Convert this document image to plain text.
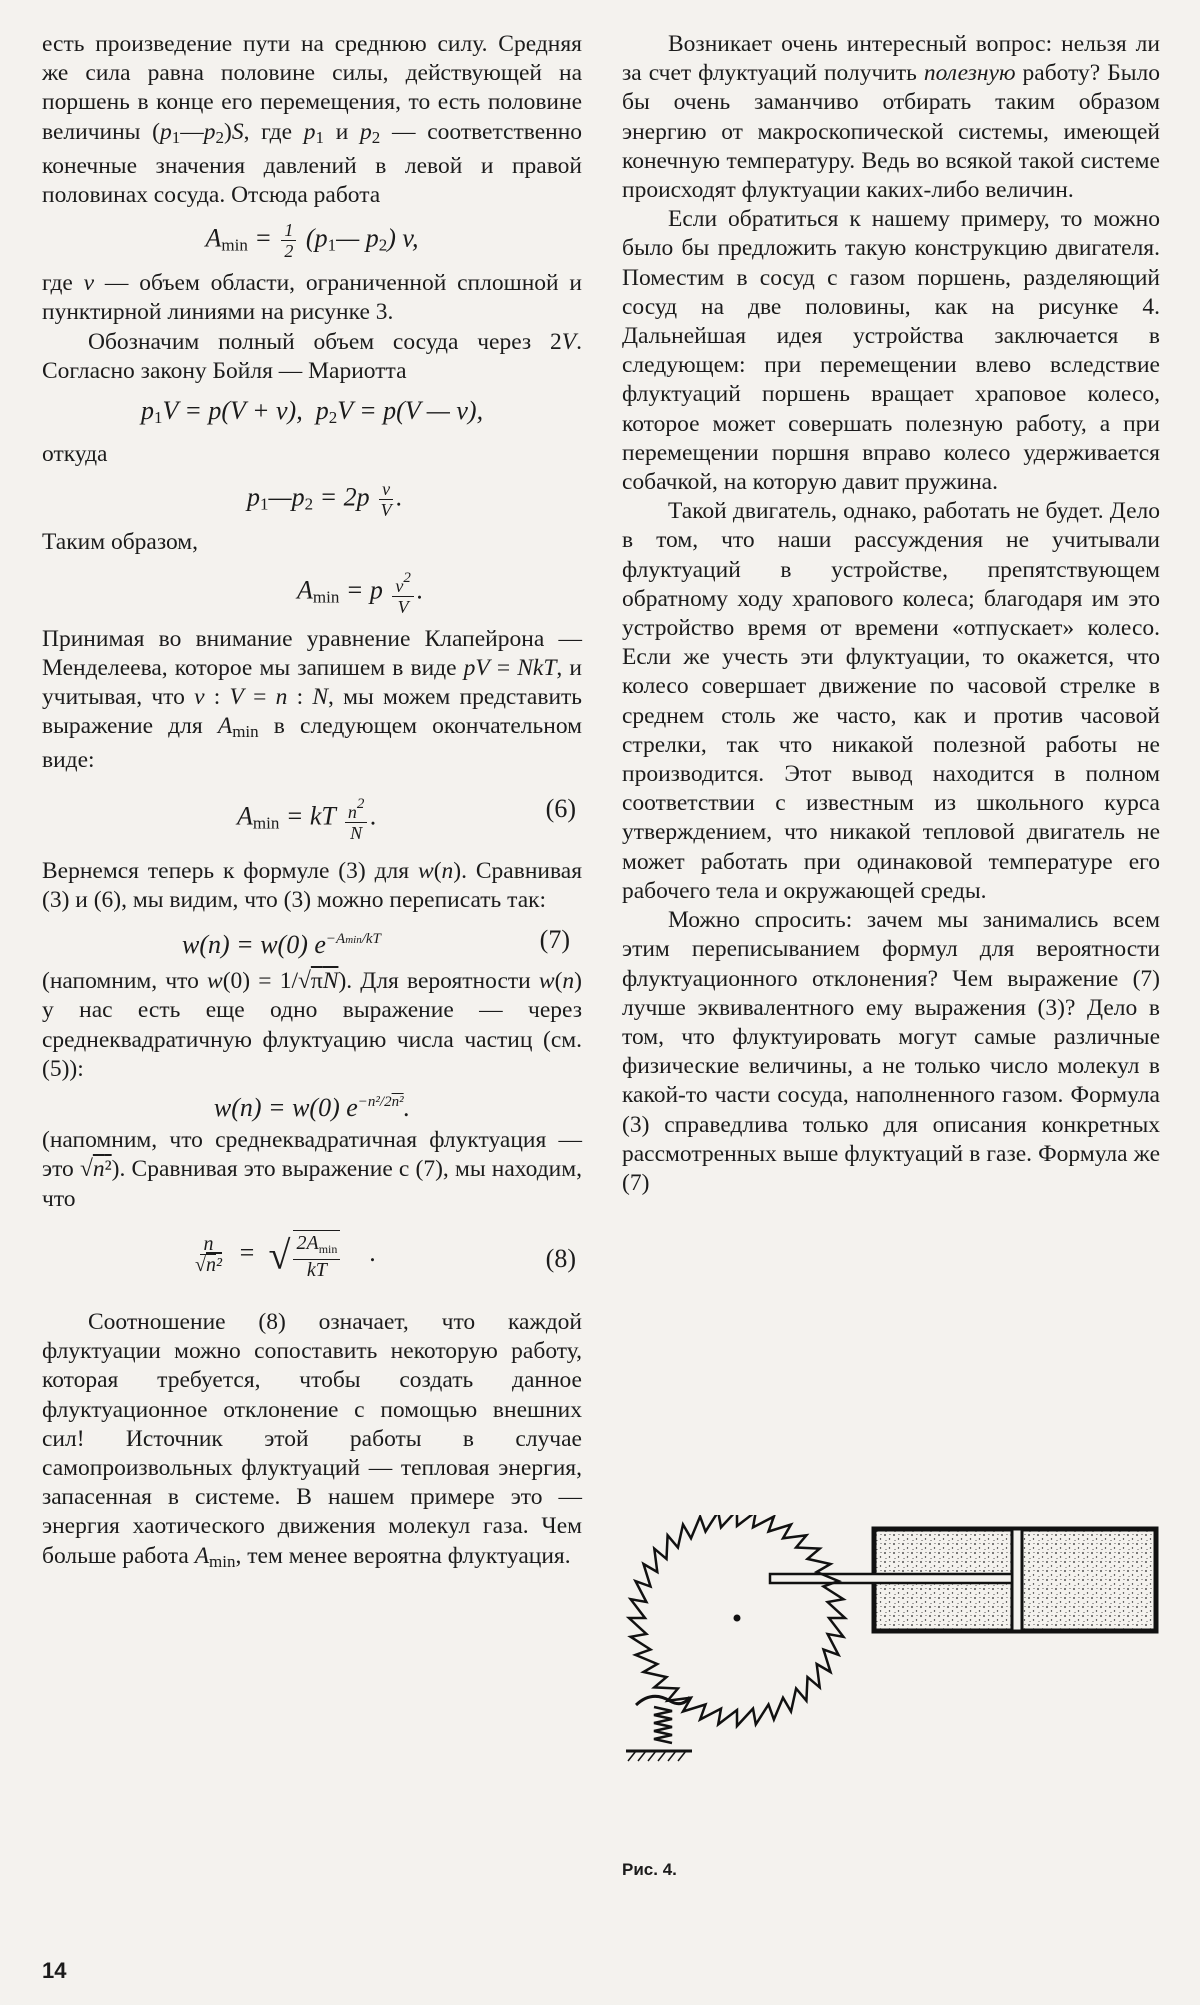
есть произведение пути на среднюю силу. Средняя же сила равна половине силы, действующей на поршень в конце его перемещения, то есть половине величины $(p_1—p_2)S$, где $p_1$ и $p_2$ — соответственно конечные значения давлений в левой и правой половинах сосуда. Отсюда работа

$A_{min} = \frac{1}{2}$ ($p_1—$ $p_2$) v,

где v — объем области, ограниченной сплошной и пунктирной линиями на рисунке 3.

Обозначим полный объем сосуда через 2V. Согласно закону Бойля — Мариотта

$p_1V = p(V + v)$,  $p_2V = p(V$ — v),

откуда

$p_1—p_2 = 2p \frac{v}{V}$ .

Таким образом,

$A_{min} = p \frac{v^2}{V}$ .

Принимая во внимание уравнение Клапейрона — Менделеева, которое мы запишем в виде pV = NkT, и учитывая, что v : V = n : N, мы можем представить выражение для $A_{min}$ в следующем окончательном виде:

$A_{min}$ = kT $\frac{n^2}{N}$ .	(6)

Вернемся теперь к формуле (3) для w(n). Сравнивая (3) и (6), мы видим, что (3) можно переписать так:

w(n) = w(0) $e^{-Amin/kT}$	(7)

(напомним, что w(0) = 1/√πN). Для вероятности w(n) у нас есть еще одно выражение — через среднеквадратичную флуктуацию числа частиц (см. (5)):

w(n) = w(0) $e^{-n^2/2n^2}$.

(напомним, что среднеквадратичная флуктуация — это √n²). Сравнивая это выражение с (7), мы находим, что

$\frac{n}{\text{√n²}}$ =  √ $\frac{2A_{min}}{kT}$ .	(8)

Соотношение (8) означает, что каждой флуктуации можно сопоставить некоторую работу, которая требуется, чтобы создать данное флуктуационное отклонение с помощью внешних сил! Источник этой работы в случае самопроизвольных флуктуаций — тепловая энергия, запасенная в системе. В нашем примере это — энергия хаотического движения молекул газа. Чем больше работа $A_{min}$, тем менее вероятна флуктуация.

Возникает очень интересный вопрос: нельзя ли за счет флуктуаций получить полезную работу? Было бы очень заманчиво отбирать таким образом энергию от макроскопической системы, имеющей конечную температуру. Ведь во всякой такой системе происходят флуктуации каких-либо величин.

Если обратиться к нашему примеру, то можно было бы предложить такую конструкцию двигателя. Поместим в сосуд с газом поршень, разделяющий сосуд на две половины, как на рисунке 4. Дальнейшая идея устройства заключается в следующем: при перемещении влево вследствие флуктуаций поршень вращает храповое колесо, которое может совершать полезную работу, а при перемещении поршня вправо колесо удерживается собачкой, на которую давит пружина.

Такой двигатель, однако, работать не будет. Дело в том, что наши рассуждения не учитывали флуктуаций в устройстве, препятствующем обратному ходу храпового колеса; благодаря им это устройство время от времени «отпускает» колесо. Если же учесть эти флуктуации, то окажется, что колесо совершает движение по часовой стрелке в среднем столь же часто, как и против часовой стрелки, так что никакой полезной работы не производится. Этот вывод находится в полном соответствии с известным из школьного курса утверждением, что никакой тепловой двигатель не может работать при одинаковой температуре его рабочего тела и окружающей среды.

Можно спросить: зачем мы занимались всем этим переписыванием формул для вероятности флуктуационного отклонения? Чем выражение (7) лучше эквивалентного ему выражения (3)? Дело в том, что флуктуировать могут самые различные физические величины, а не только число молекул в какой-то части сосуда, наполненного газом. Формула (3) справедлива только для описания конкретных рассмотренных выше флуктуаций в газе. Формула же (7)

Рис. 4.
14
